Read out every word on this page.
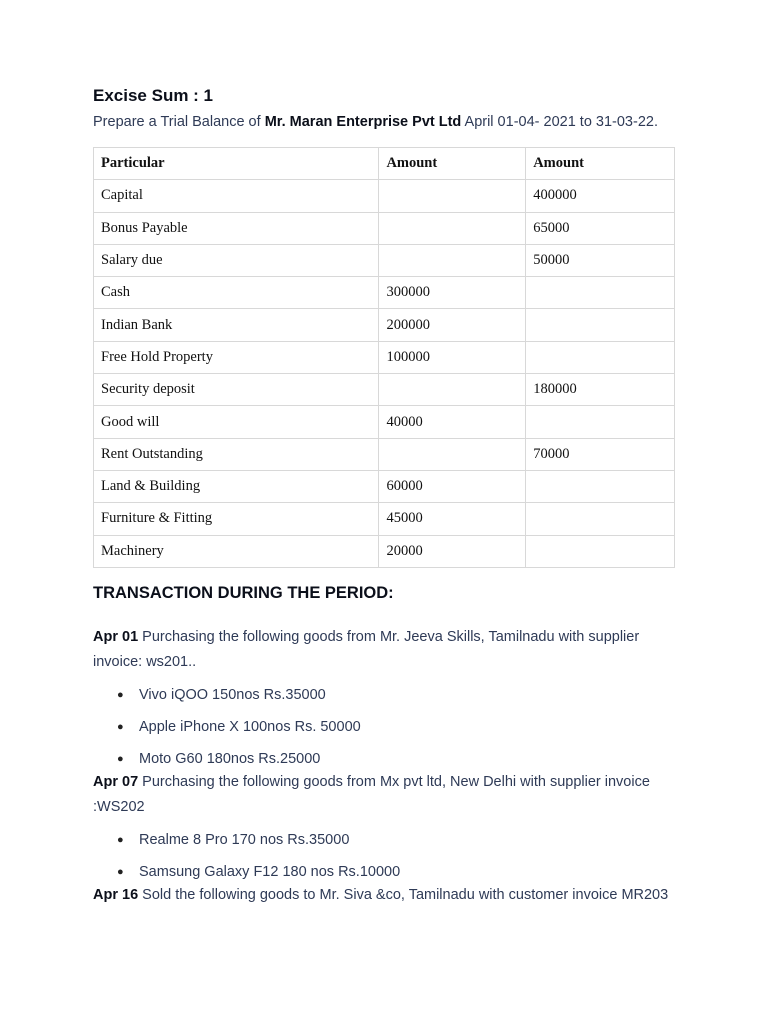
Excise Sum : 1
Prepare a Trial Balance of Mr. Maran Enterprise Pvt Ltd April 01-04- 2021 to 31-03-22.
Particular	Amount	Amount
Capital		400000
Bonus Payable		65000
Salary due		50000
Cash	300000	
Indian Bank	200000	
Free Hold Property	100000	
Security deposit		180000
Good will	40000	
Rent Outstanding		70000
Land & Building	60000	
Furniture & Fitting	45000	
Machinery	20000	
TRANSACTION DURING THE PERIOD:
Apr 01 Purchasing the following goods from Mr. Jeeva Skills, Tamilnadu with supplier invoice: ws201..
● Vivo iQOO 150nos Rs.35000
● Apple iPhone X 100nos Rs. 50000
● Moto G60 180nos Rs.25000
Apr 07 Purchasing the following goods from Mx pvt ltd, New Delhi with supplier invoice :WS202
● Realme 8 Pro 170 nos Rs.35000
● Samsung Galaxy F12 180 nos Rs.10000
Apr 16 Sold the following goods to Mr. Siva &co, Tamilnadu with customer invoice MR203
